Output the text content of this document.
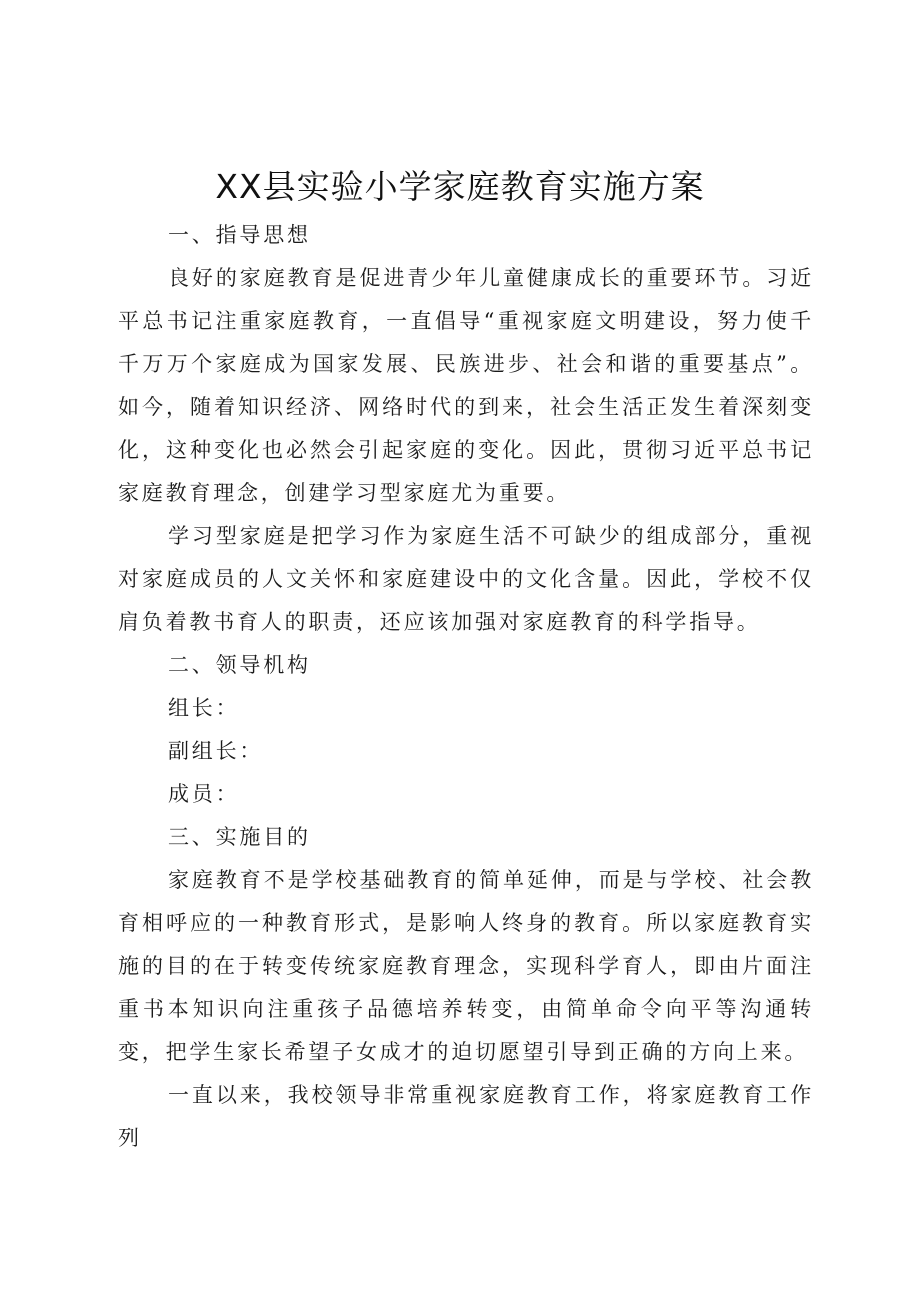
XX县实验小学家庭教育实施方案

一、指导思想

良好的家庭教育是促进青少年儿童健康成长的重要环节。习近平总书记注重家庭教育，一直倡导“重视家庭文明建设，努力使千千万万个家庭成为国家发展、民族进步、社会和谐的重要基点”。如今，随着知识经济、网络时代的到来，社会生活正发生着深刻变化，这种变化也必然会引起家庭的变化。因此，贯彻习近平总书记家庭教育理念，创建学习型家庭尤为重要。

学习型家庭是把学习作为家庭生活不可缺少的组成部分，重视对家庭成员的人文关怀和家庭建设中的文化含量。因此，学校不仅肩负着教书育人的职责，还应该加强对家庭教育的科学指导。

二、领导机构

组长：

副组长：

成员：

三、实施目的

家庭教育不是学校基础教育的简单延伸，而是与学校、社会教育相呼应的一种教育形式，是影响人终身的教育。所以家庭教育实施的目的在于转变传统家庭教育理念，实现科学育人，即由片面注重书本知识向注重孩子品德培养转变，由简单命令向平等沟通转变，把学生家长希望子女成才的迫切愿望引导到正确的方向上来。

一直以来，我校领导非常重视家庭教育工作，将家庭教育工作列
